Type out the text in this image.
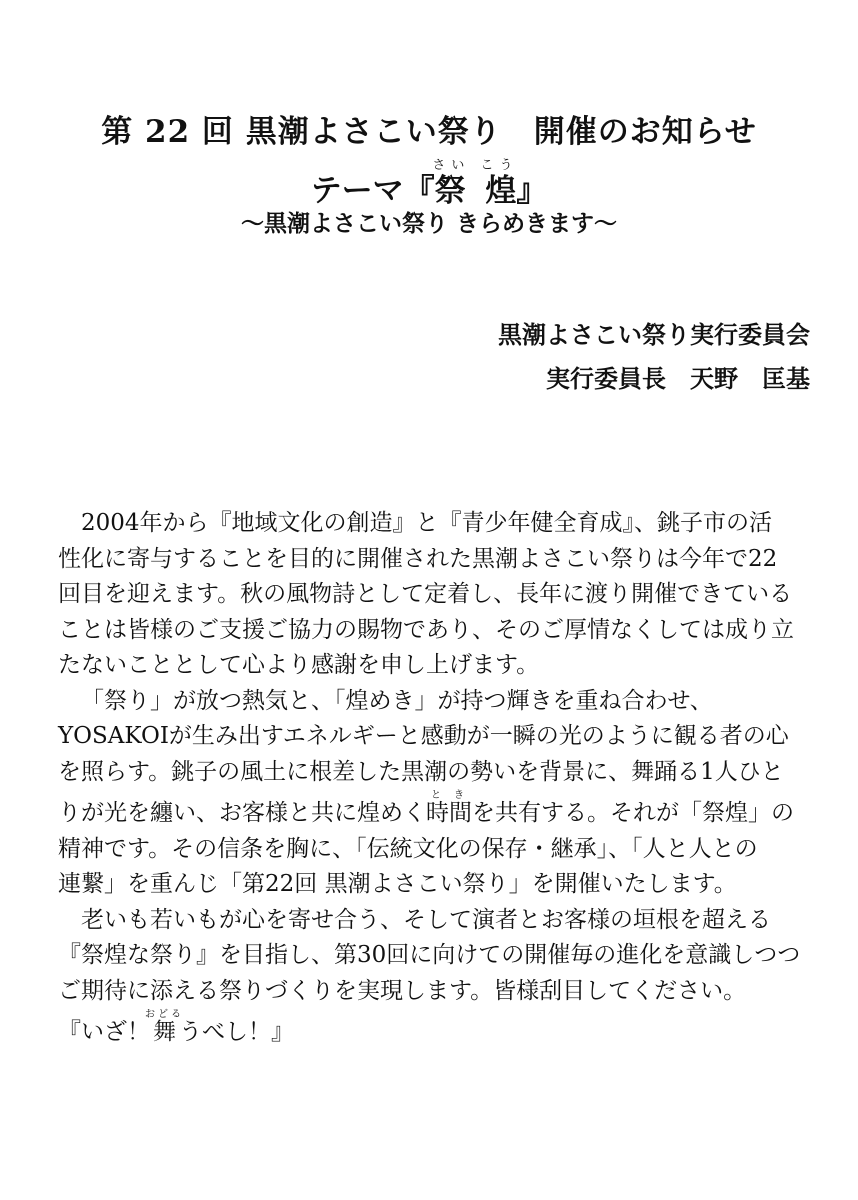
第 22 回 黒潮よさこい祭り　開催のお知らせ
テーマ『祭 煌さい こう』
〜黒潮よさこい祭り きらめきます〜
黒潮よさこい祭り実行委員会
実行委員長　天野　匡基

2004年から『地域文化の創造』と『青少年健全育成』、銚子市の活

性化に寄与することを目的に開催された黒潮よさこい祭りは今年で22

回目を迎えます。秋の風物詩として定着し、長年に渡り開催できている

ことは皆様のご支援ご協力の賜物であり、そのご厚情なくしては成り立

たないこととして心より感謝を申し上げます。

「祭り」が放つ熱気と、「煌めき」が持つ輝きを重ね合わせ、

YOSAKOIが生み出すエネルギーと感動が一瞬の光のように観る者の心

を照らす。銚子の風土に根差した黒潮の勢いを背景に、舞踊る1人ひと

りが光を纏い、お客様と共に煌めく時間ときを共有する。それが「祭煌」の

精神です。その信条を胸に、「伝統文化の保存・継承」、「人と人との

連繋」を重んじ「第22回 黒潮よさこい祭り」を開催いたします。

老いも若いもが心を寄せ合う、そして演者とお客様の垣根を超える

『祭煌な祭り』を目指し、第30回に向けての開催毎の進化を意識しつつ

ご期待に添える祭りづくりを実現します。皆様刮目してください。

『いざ！舞おどるうべし！』
